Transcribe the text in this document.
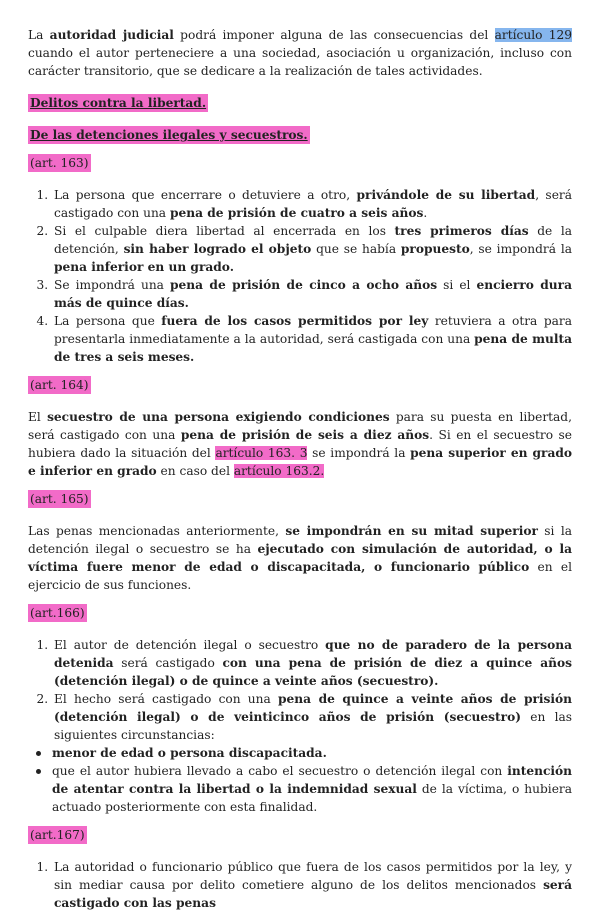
La autoridad judicial podrá imponer alguna de las consecuencias del artículo 129 cuando el autor perteneciere a una sociedad, asociación u organización, incluso con carácter transitorio, que se dedicare a la realización de tales actividades.

Delitos contra la libertad.
De las detenciones ilegales y secuestros.
(art. 163)
1. La persona que encerrare o detuviere a otro, privándole de su libertad, será castigado con una pena de prisión de cuatro a seis años.
2. Si el culpable diera libertad al encerrada en los tres primeros días de la detención, sin haber logrado el objeto que se había propuesto, se impondrá la pena inferior en un grado.
3. Se impondrá una pena de prisión de cinco a ocho años si el encierro dura más de quince días.
4. La persona que fuera de los casos permitidos por ley retuviera a otra para presentarla inmediatamente a la autoridad, será castigada con una pena de multa de tres a seis meses.
(art. 164)

El secuestro de una persona exigiendo condiciones para su puesta en libertad, será castigado con una pena de prisión de seis a diez años. Si en el secuestro se hubiera dado la situación del artículo 163. 3 se impondrá la pena superior en grado e inferior en grado en caso del artículo 163.2.

(art. 165)

Las penas mencionadas anteriormente, se impondrán en su mitad superior si la detención ilegal o secuestro se ha ejecutado con simulación de autoridad, o la víctima fuere menor de edad o discapacitada, o funcionario público en el ejercicio de sus funciones.

(art.166)
1. El autor de detención ilegal o secuestro que no de paradero de la persona detenida será castigado con una pena de prisión de diez a quince años (detención ilegal) o de quince a veinte años (secuestro).
2. El hecho será castigado con una pena de quince a veinte años de prisión (detención ilegal) o de veinticinco años de prisión (secuestro) en las siguientes circunstancias:
menor de edad o persona discapacitada.
que el autor hubiera llevado a cabo el secuestro o detención ilegal con intención de atentar contra la libertad o la indemnidad sexual de la víctima, o hubiera actuado posteriormente con esta finalidad.
(art.167)
1. La autoridad o funcionario público que fuera de los casos permitidos por la ley, y sin mediar causa por delito cometiere alguno de los delitos mencionados será castigado con las penas
